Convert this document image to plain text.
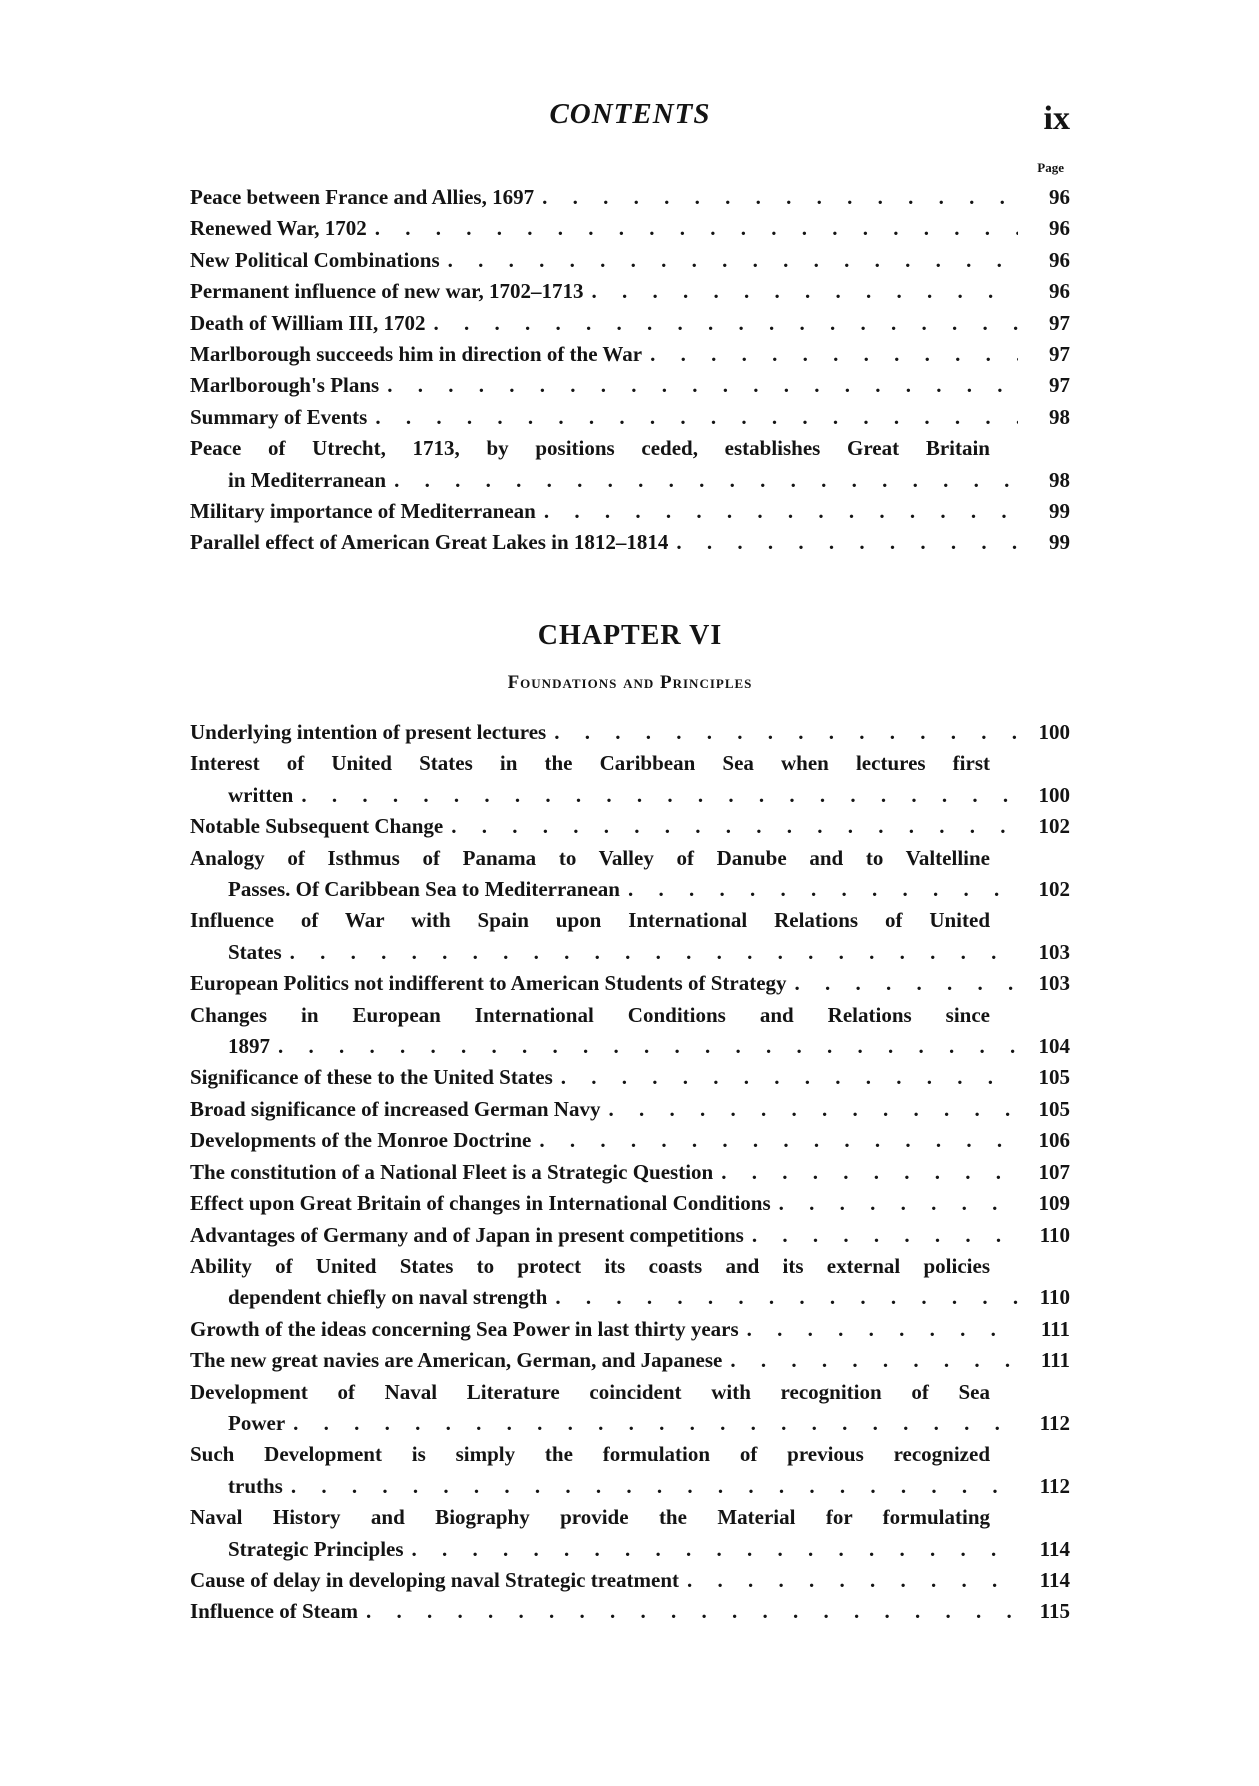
CONTENTS	ix
Page
Peace between France and Allies, 1697 . . .	96
Renewed War, 1702 . . .	96
New Political Combinations . . .	96
Permanent influence of new war, 1702–1713 . . .	96
Death of William III, 1702 . . .	97
Marlborough succeeds him in direction of the War . . .	97
Marlborough's Plans . . .	97
Summary of Events . . .	98
Peace of Utrecht, 1713, by positions ceded, establishes Great Britain
in Mediterranean . . .	98
Military importance of Mediterranean . . .	99
Parallel effect of American Great Lakes in 1812–1814 . . .	99
CHAPTER VI
Foundations and Principles
Underlying intention of present lectures . . .	100
Interest of United States in the Caribbean Sea when lectures first
written . . .	100
Notable Subsequent Change . . .	102
Analogy of Isthmus of Panama to Valley of Danube and to Valtelline
Passes. Of Caribbean Sea to Mediterranean . . .	102
Influence of War with Spain upon International Relations of United
States . . .	103
European Politics not indifferent to American Students of Strategy . . .	103
Changes in European International Conditions and Relations since
1897 . . .	104
Significance of these to the United States . . .	105
Broad significance of increased German Navy . . .	105
Developments of the Monroe Doctrine . . .	106
The constitution of a National Fleet is a Strategic Question . . .	107
Effect upon Great Britain of changes in International Conditions . . .	109
Advantages of Germany and of Japan in present competitions . . .	110
Ability of United States to protect its coasts and its external policies
dependent chiefly on naval strength . . .	110
Growth of the ideas concerning Sea Power in last thirty years . . .	111
The new great navies are American, German, and Japanese . . .	111
Development of Naval Literature coincident with recognition of Sea
Power . . .	112
Such Development is simply the formulation of previous recognized
truths . . .	112
Naval History and Biography provide the Material for formulating
Strategic Principles . . .	114
Cause of delay in developing naval Strategic treatment . . .	114
Influence of Steam . . .	115
